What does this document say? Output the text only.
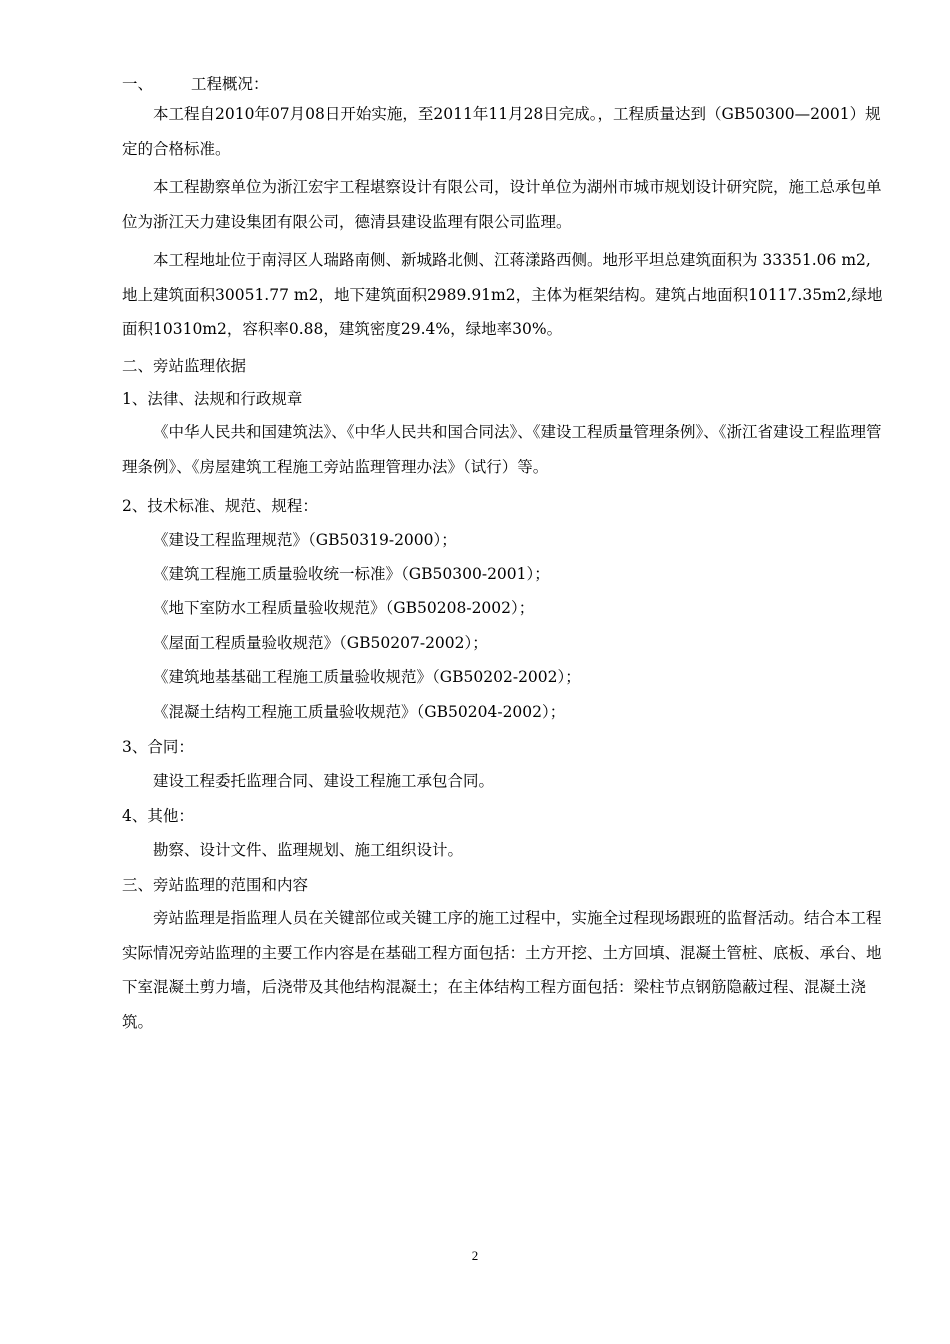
一、 工程概况：
本工程自2010年07月08日开始实施，至2011年11月28日完成。，工程质量达到（GB50300—2001）规定的合格标准。
本工程勘察单位为浙江宏宇工程堪察设计有限公司，设计单位为湖州市城市规划设计研究院，施工总承包单位为浙江天力建设集团有限公司，德清县建设监理有限公司监理。
本工程地址位于南浔区人瑞路南侧、新城路北侧、江蒋漾路西侧。地形平坦总建筑面积为 33351.06 m2,地上建筑面积30051.77 m2，地下建筑面积2989.91m2，主体为框架结构。建筑占地面积10117.35m2,绿地面积10310m2，容积率0.88，建筑密度29.4%，绿地率30%。
二、旁站监理依据
1、法律、法规和行政规章
《中华人民共和国建筑法》、《中华人民共和国合同法》、《建设工程质量管理条例》、《浙江省建设工程监理管理条例》、《房屋建筑工程施工旁站监理管理办法》（试行）等。
2、技术标准、规范、规程：
《建设工程监理规范》（GB50319-2000）；
《建筑工程施工质量验收统一标准》（GB50300-2001）；
《地下室防水工程质量验收规范》（GB50208-2002）；
《屋面工程质量验收规范》（GB50207-2002）；
《建筑地基基础工程施工质量验收规范》（GB50202-2002）；
《混凝土结构工程施工质量验收规范》（GB50204-2002）；
3、合同：
建设工程委托监理合同、建设工程施工承包合同。
4、其他：
勘察、设计文件、监理规划、施工组织设计。
三、旁站监理的范围和内容
旁站监理是指监理人员在关键部位或关键工序的施工过程中，实施全过程现场跟班的监督活动。结合本工程实际情况旁站监理的主要工作内容是在基础工程方面包括：土方开挖、土方回填、混凝土管桩、底板、承台、地下室混凝土剪力墙，后浇带及其他结构混凝土；在主体结构工程方面包括：梁柱节点钢筋隐蔽过程、混凝土浇筑。
2
